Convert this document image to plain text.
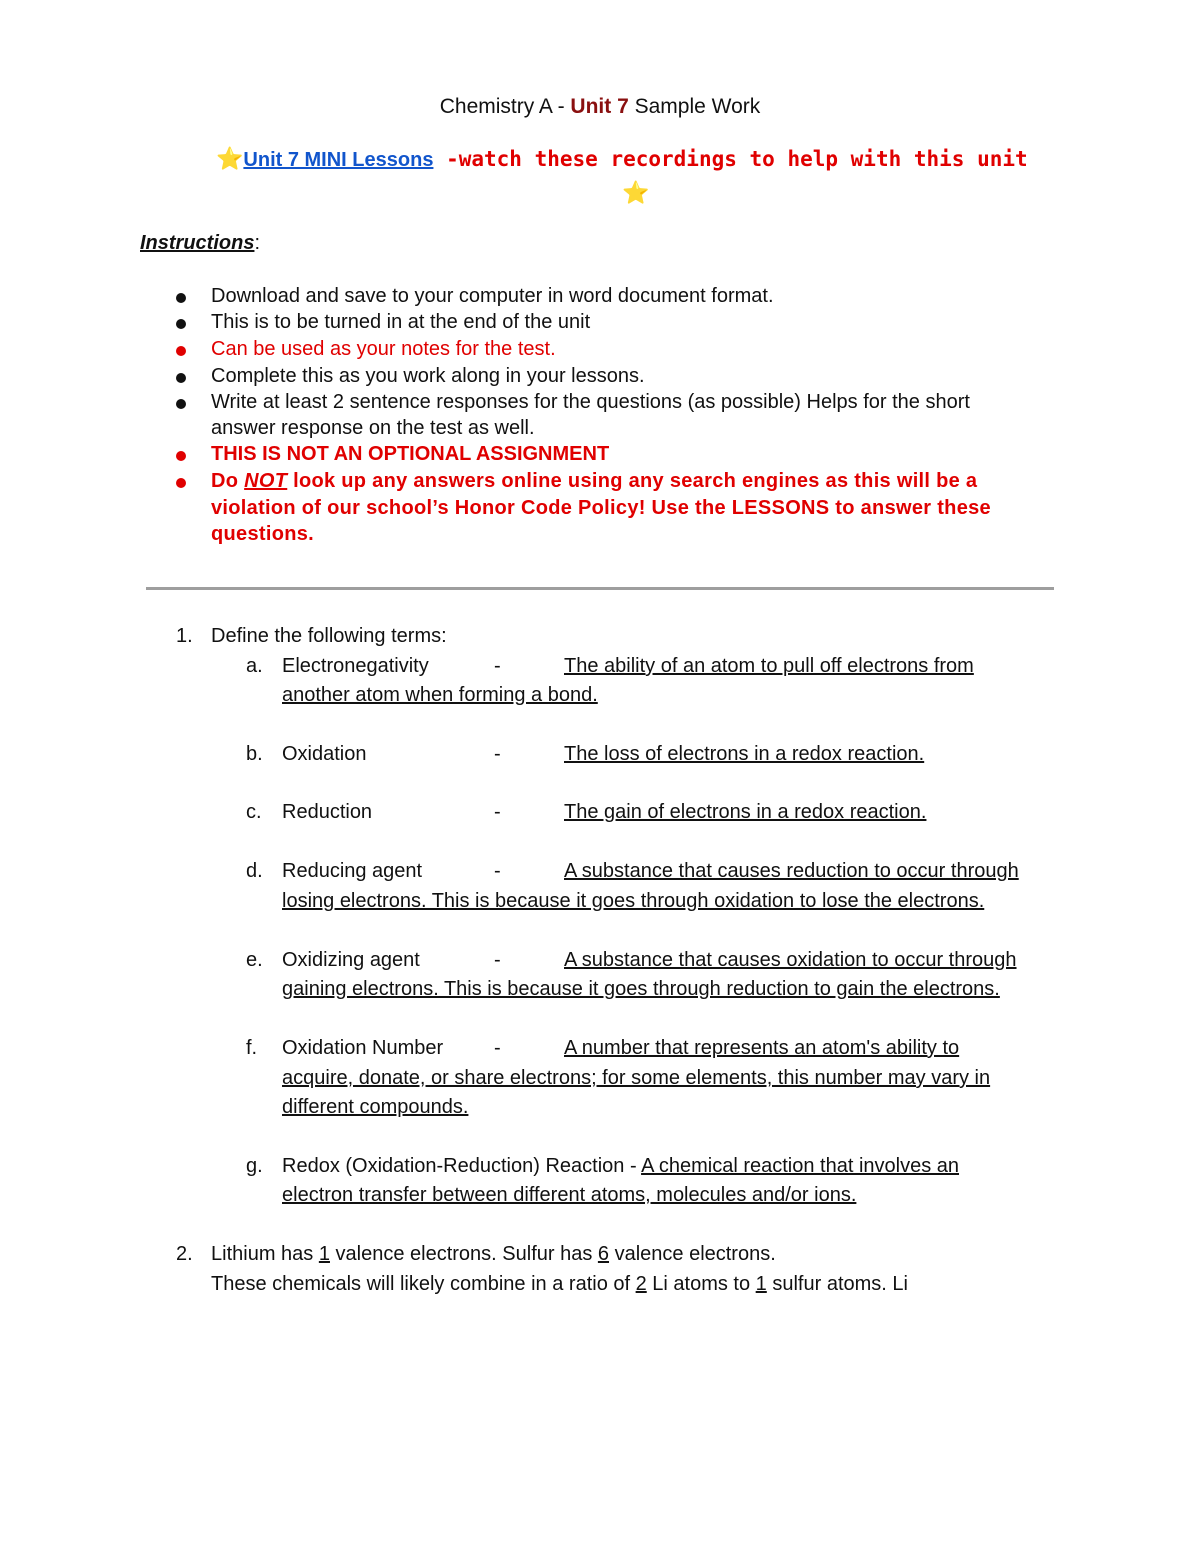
Chemistry A - Unit 7 Sample Work
⭐Unit 7 MINI Lessons -watch these recordings to help with this unit
⭐
Instructions:
Download and save to your computer in word document format.
This is to be turned in at the end of the unit
Can be used as your notes for the test.
Complete this as you work along in your lessons.
Write at least 2 sentence responses for the questions (as possible) Helps for the short
answer response on the test as well.
THIS IS NOT AN OPTIONAL ASSIGNMENT
Do NOT look up any answers online using any search engines as this will be a
violation of our school’s Honor Code Policy! Use the LESSONS to answer these
questions.
1. Define the following terms:
a. Electronegativity	-	The ability of an atom to pull off electrons from
another atom when forming a bond.
b. Oxidation	-	The loss of electrons in a redox reaction.
c. Reduction	-	The gain of electrons in a redox reaction.
d. Reducing agent	-	A substance that causes reduction to occur through
losing electrons. This is because it goes through oxidation to lose the electrons.
e. Oxidizing agent	-	A substance that causes oxidation to occur through
gaining electrons. This is because it goes through reduction to gain the electrons.
f. Oxidation Number	-	A number that represents an atom's ability to
acquire, donate, or share electrons; for some elements, this number may vary in
different compounds.
g. Redox (Oxidation-Reduction) Reaction - A chemical reaction that involves an
electron transfer between different atoms, molecules and/or ions.
2. Lithium has 1 valence electrons. Sulfur has 6 valence electrons.
These chemicals will likely combine in a ratio of 2 Li atoms to 1 sulfur atoms. Li
